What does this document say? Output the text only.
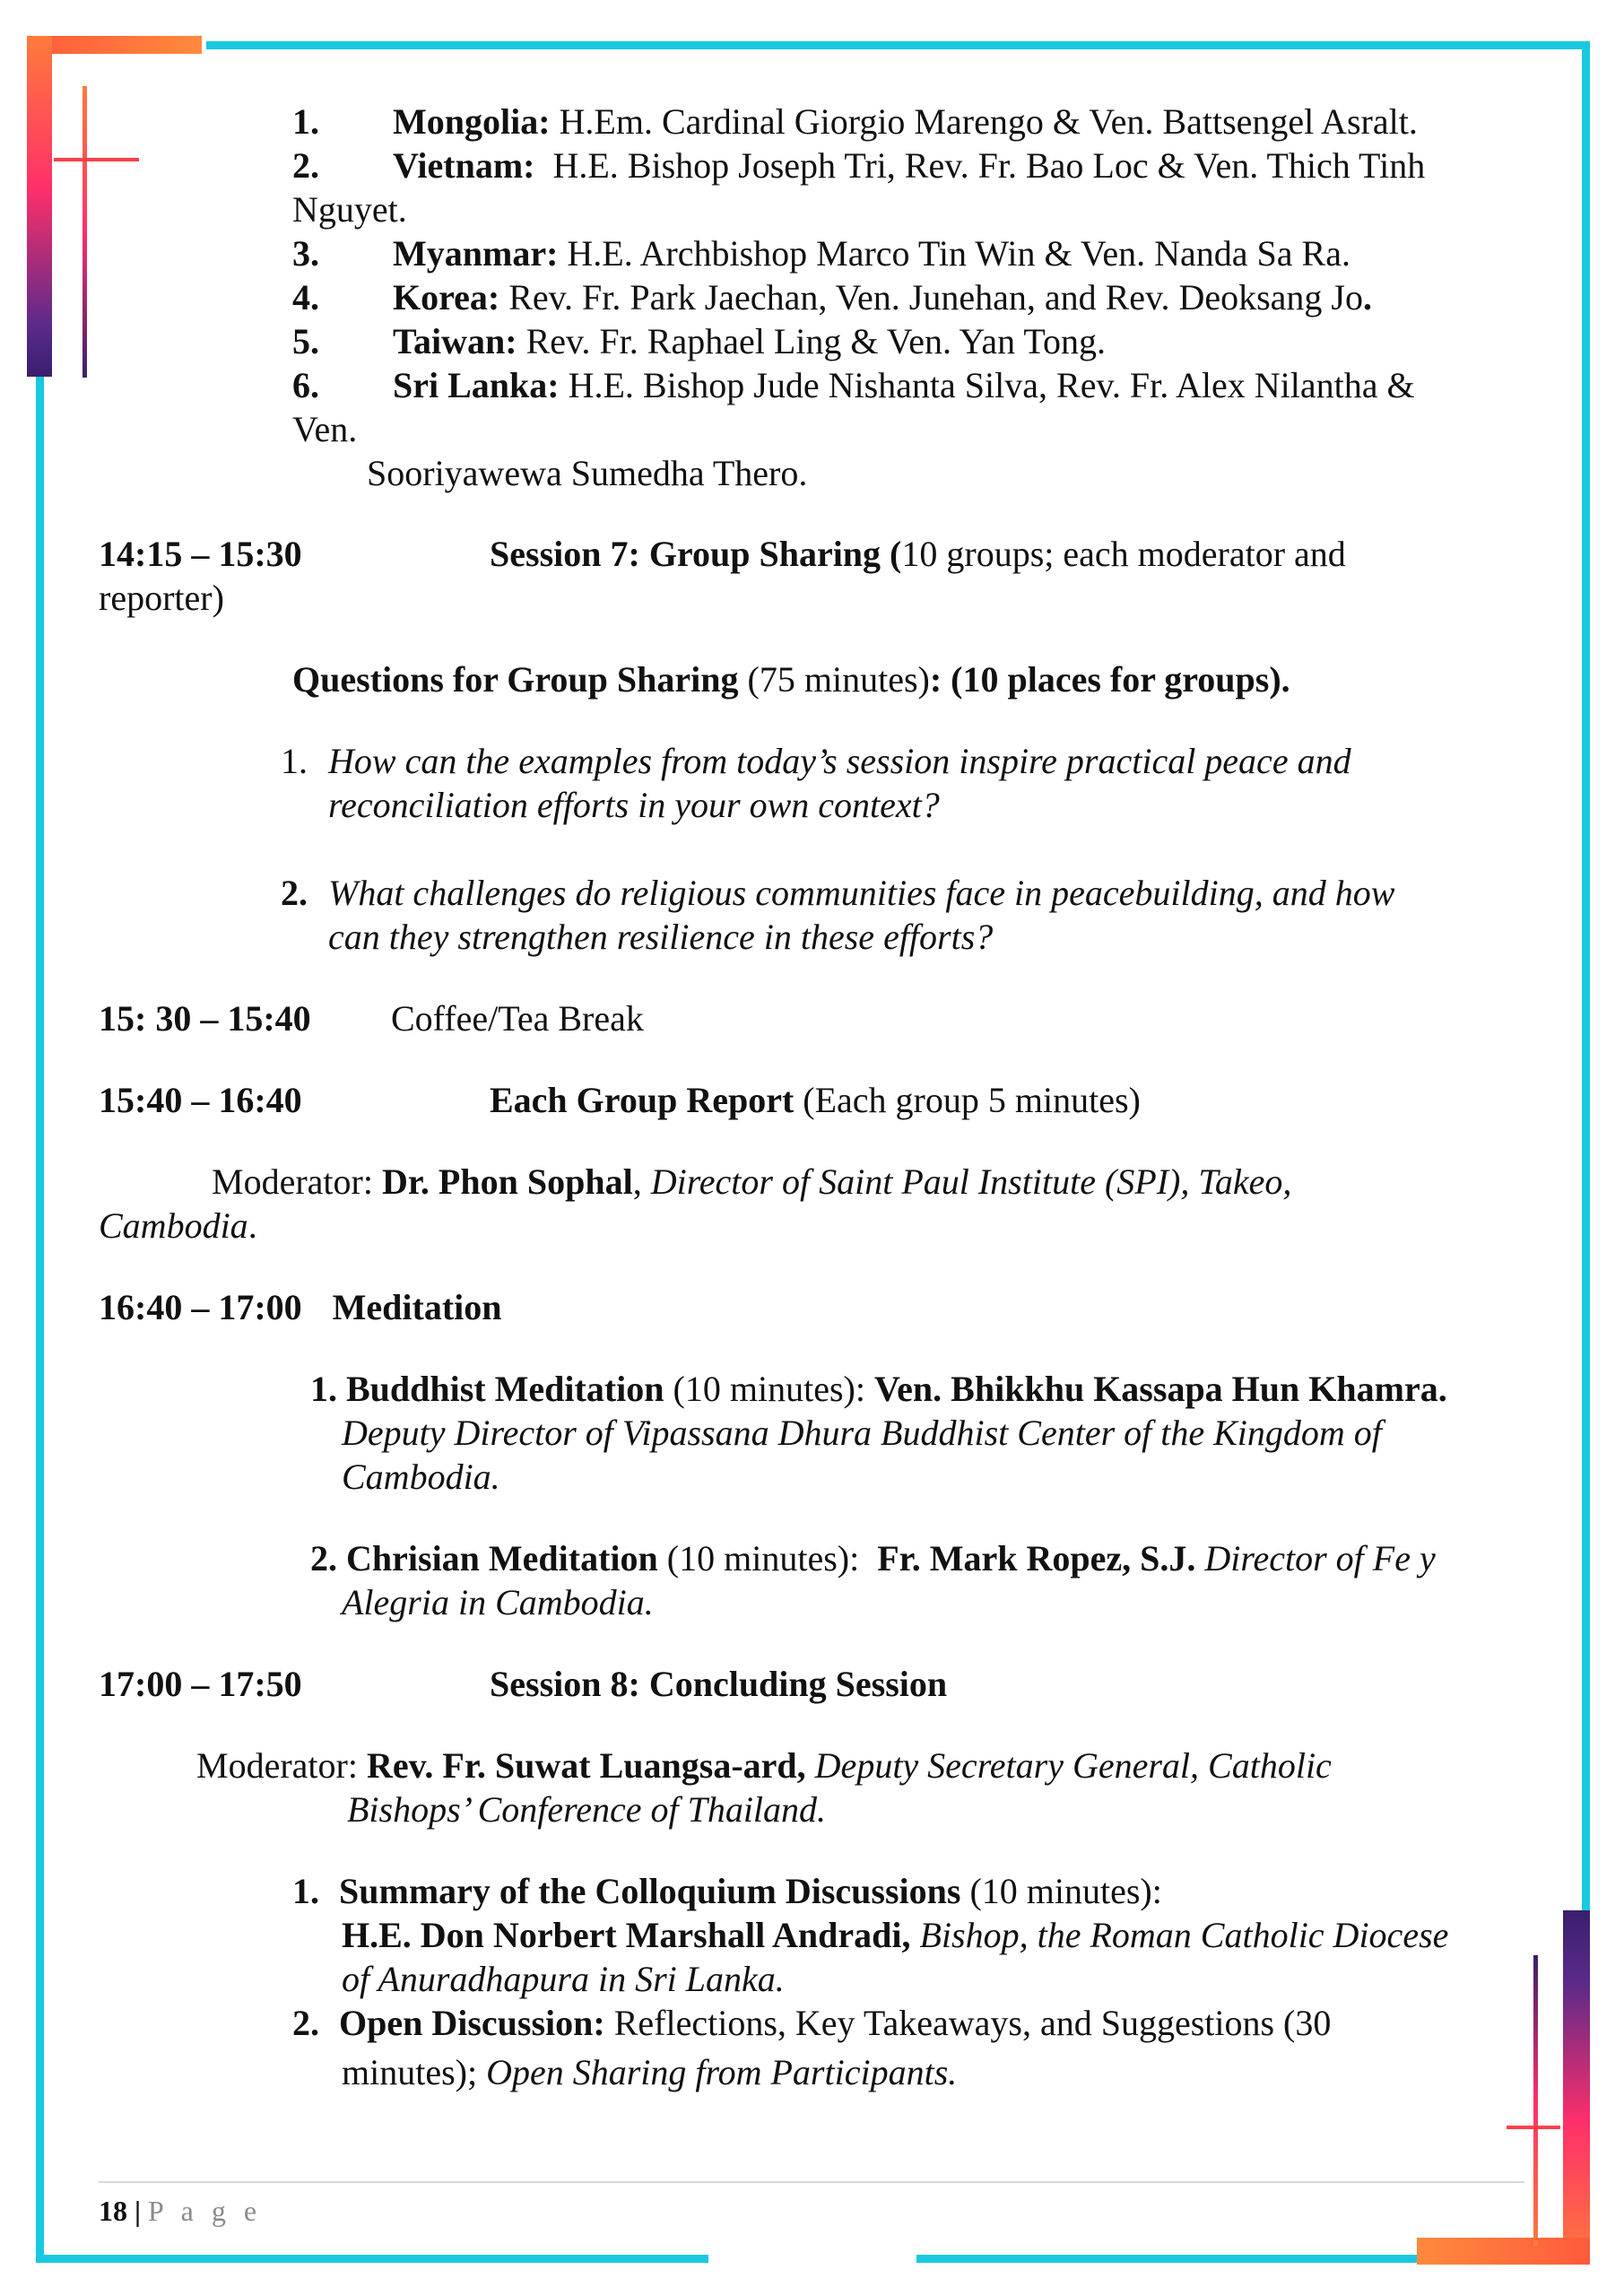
1. Mongolia: H.Em. Cardinal Giorgio Marengo & Ven. Battsengel Asralt.
2. Vietnam:  H.E. Bishop Joseph Tri, Rev. Fr. Bao Loc & Ven. Thich Tinh
Nguyet.
3. Myanmar: H.E. Archbishop Marco Tin Win & Ven. Nanda Sa Ra.
4. Korea: Rev. Fr. Park Jaechan, Ven. Junehan, and Rev. Deoksang Jo.
5. Taiwan: Rev. Fr. Raphael Ling & Ven. Yan Tong.
6. Sri Lanka: H.E. Bishop Jude Nishanta Silva, Rev. Fr. Alex Nilantha &
Ven.
Sooriyawewa Sumedha Thero.
14:15 – 15:30	Session 7: Group Sharing (10 groups; each moderator and
reporter)
Questions for Group Sharing (75 minutes): (10 places for groups).
1. How can the examples from today’s session inspire practical peace and
reconciliation efforts in your own context?
2. What challenges do religious communities face in peacebuilding, and how
can they strengthen resilience in these efforts?
15: 30 – 15:40 Coffee/Tea Break
15:40 – 16:40	Each Group Report (Each group 5 minutes)
Moderator: Dr. Phon Sophal, Director of Saint Paul Institute (SPI), Takeo,
Cambodia.
16:40 – 17:00 Meditation
1. Buddhist Meditation (10 minutes): Ven. Bhikkhu Kassapa Hun Khamra.
Deputy Director of Vipassana Dhura Buddhist Center of the Kingdom of
Cambodia.
2. Chrisian Meditation (10 minutes):  Fr. Mark Ropez, S.J. Director of Fe y
Alegria in Cambodia.
17:00 – 17:50	Session 8: Concluding Session
Moderator: Rev. Fr. Suwat Luangsa-ard, Deputy Secretary General, Catholic
Bishops’ Conference of Thailand.
1. Summary of the Colloquium Discussions (10 minutes):
H.E. Don Norbert Marshall Andradi, Bishop, the Roman Catholic Diocese
of Anuradhapura in Sri Lanka.
2. Open Discussion: Reflections, Key Takeaways, and Suggestions (30
minutes); Open Sharing from Participants.
18 | P a g e
